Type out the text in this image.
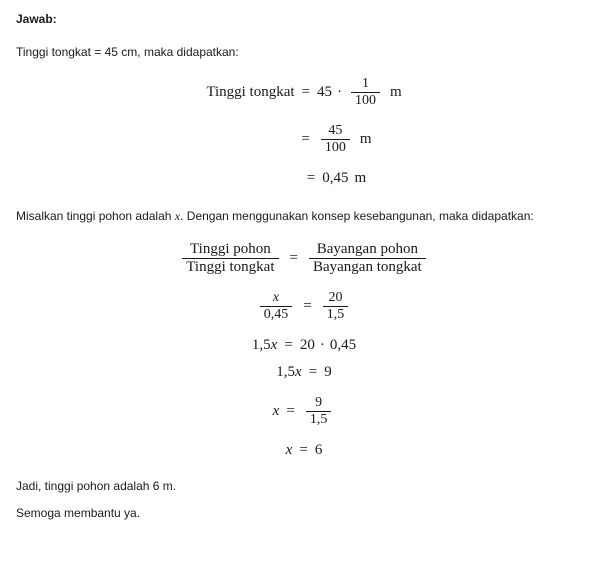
Jawab:

Tinggi tongkat = 45 cm, maka didapatkan:

Tinggi tongkat = $45 \cdot \frac{1}{100}$ m
= $\frac{45}{100}$ m
= 0,45 m

Misalkan tinggi pohon adalah x. Dengan menggunakan konsep kesebangunan, maka didapatkan:

$\frac{\text{Tinggi pohon}}{\text{Tinggi tongkat}} = \frac{\text{Bayangan pohon}}{\text{Bayangan tongkat}}$
$\frac{x}{0,45} = \frac{20}{1,5}$
1,5 x = 20 · 0,45
1,5 x = 9
$x = \frac{9}{1,5}$
x = 6

Jadi, tinggi pohon adalah 6 m.

Semoga membantu ya.
